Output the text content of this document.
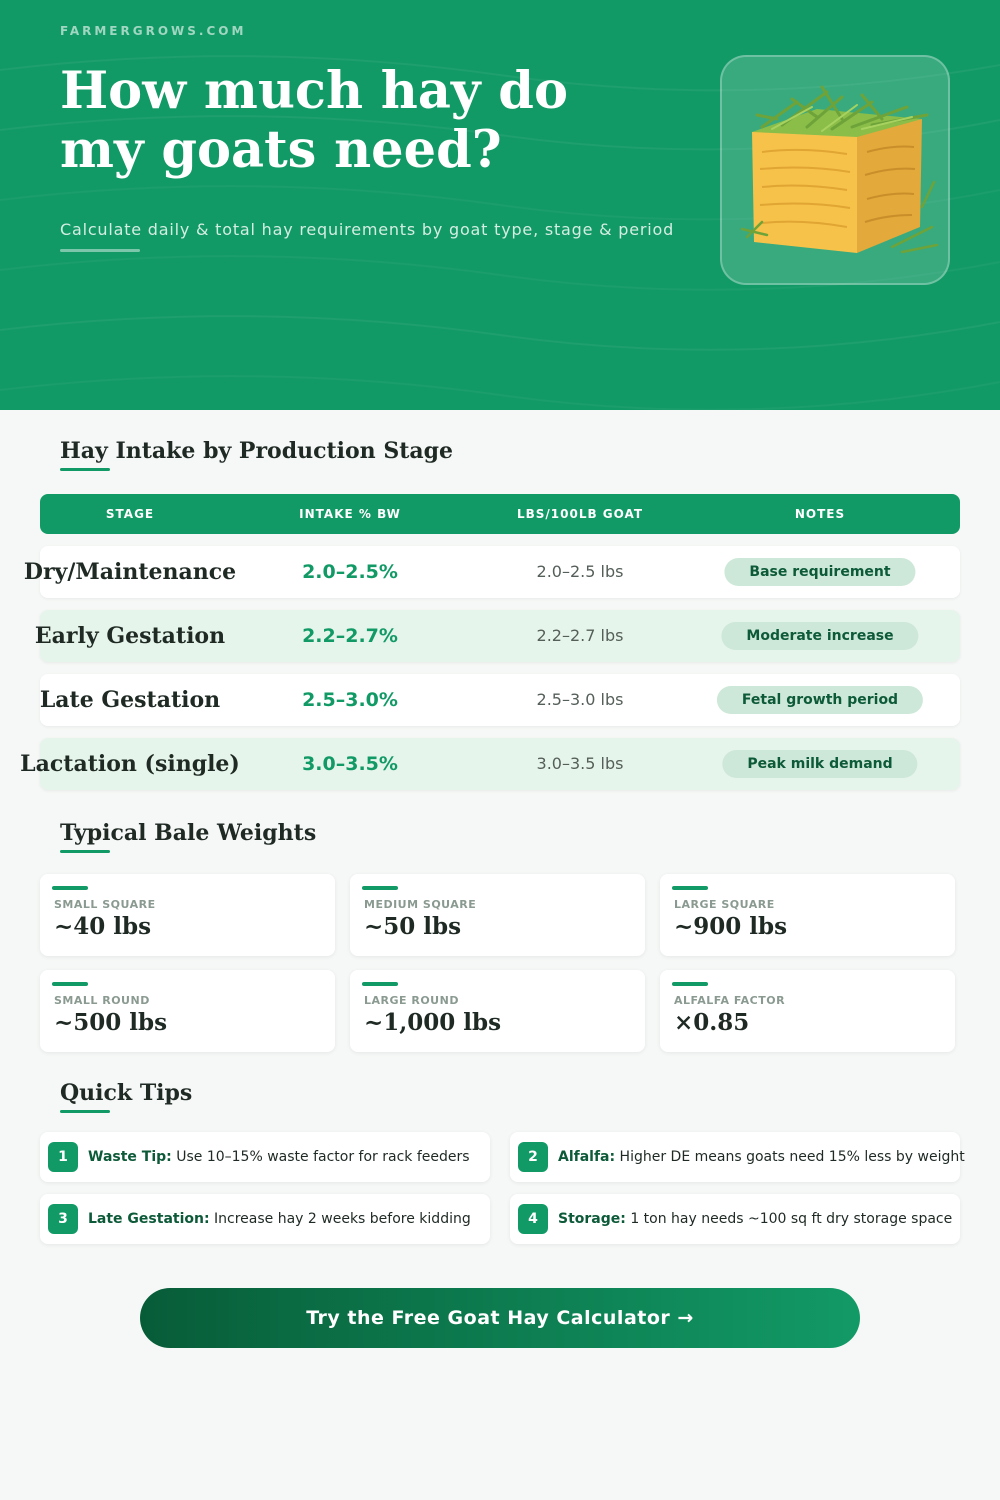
FARMERGROWS.COM
How much hay do
my goats need?
Calculate daily & total hay requirements by goat type, stage & period
Hay Intake by Production Stage
STAGE	INTAKE % BW	LBS/100LB GOAT	NOTES
Dry/Maintenance	2.0–2.5%	2.0–2.5 lbs	Base requirement
Early Gestation	2.2–2.7%	2.2–2.7 lbs	Moderate increase
Late Gestation	2.5–3.0%	2.5–3.0 lbs	Fetal growth period
Lactation (single)	3.0–3.5%	3.0–3.5 lbs	Peak milk demand
Typical Bale Weights
SMALL SQUARE
~40 lbs
MEDIUM SQUARE
~50 lbs
LARGE SQUARE
~900 lbs
SMALL ROUND
~500 lbs
LARGE ROUND
~1,000 lbs
ALFALFA FACTOR
×0.85
Quick Tips
1	Waste Tip: Use 10–15% waste factor for rack feeders	2	Alfalfa: Higher DE means goats need 15% less by weight
3	Late Gestation: Increase hay 2 weeks before kidding	4	Storage: 1 ton hay needs ~100 sq ft dry storage space
Try the Free Goat Hay Calculator →
